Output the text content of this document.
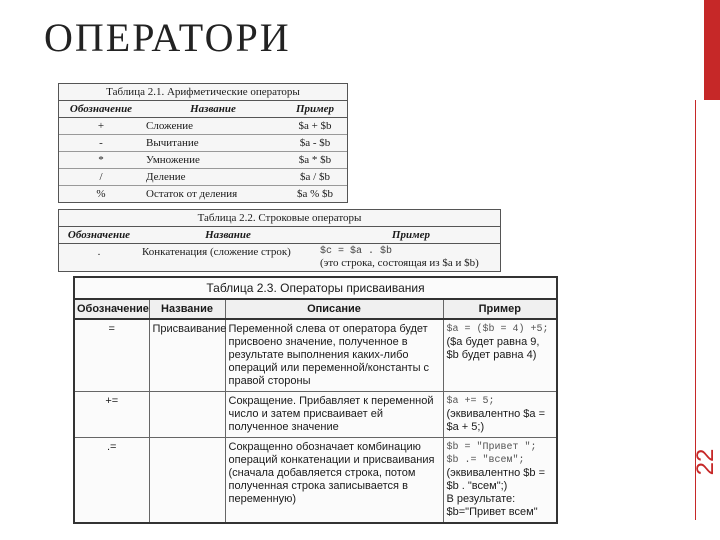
ОПЕРАТОРИ
22
Таблица 2.1. Арифметические операторы
Обозначение	Название	Пример
+	Сложение	$a + $b
-	Вычитание	$a - $b
*	Умножение	$a * $b
/	Деление	$a / $b
%	Остаток от деления	$a % $b
Таблица 2.2. Строковые операторы
Обозначение	Название	Пример
.	Конкатенация (сложение строк)	$c = $a . $b
(это строка, состоящая из $a и $b)
Таблица 2.3. Операторы присваивания
Обозначение	Название	Описание	Пример
=	Присваивание	Переменной слева от оператора будет присвоено значение, полученное в результате выполнения каких-либо операций или переменной/константы с правой стороны	$a = ($b = 4) +5;
($a будет равна 9, $b будет равна 4)

+=		Сокращение. Прибавляет к переменной число и затем присваивает ей полученное значение	$a += 5;
(эквивалентно $a = $a + 5;)

.=		Сокращенно обозначает комбинацию операций конкатенации и присваивания (сначала добавляется строка, потом полученная строка записывается в переменную)	$b = "Привет ";
$b .= "всем";
(эквивалентно $b = $b . "всем";)
В результате:
$b="Привет всем"
